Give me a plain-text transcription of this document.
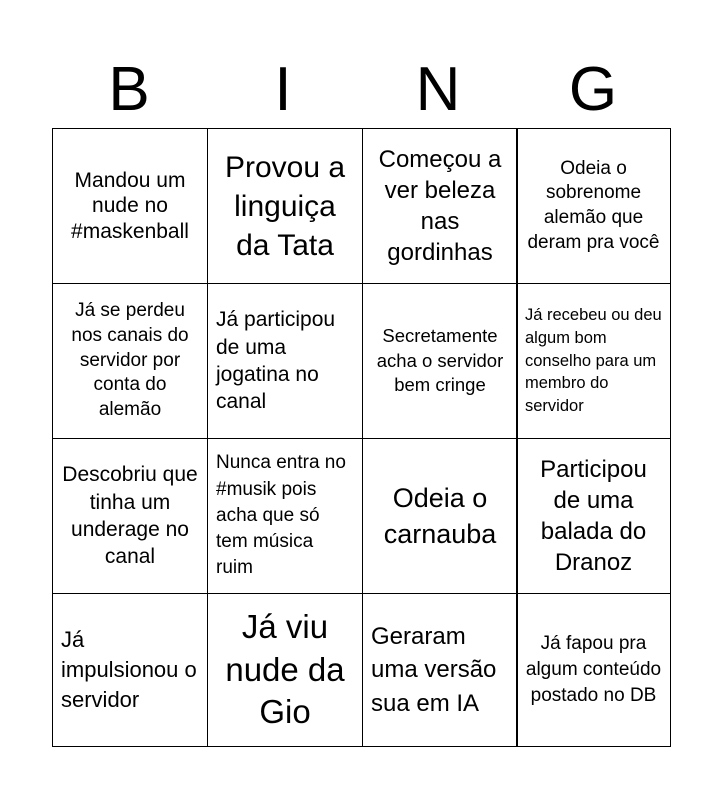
B	I	N	G
Mandou um nude no #maskenball
Provou a linguiça da Tata
Começou a ver beleza nas gordinhas
Odeia o sobrenome alemão que deram pra você
Já se perdeu nos canais do servidor por conta do alemão
Já participou de uma jogatina no canal
Secretamente acha o servidor bem cringe
Já recebeu ou deu algum bom conselho para um membro do servidor
Descobriu que tinha um underage no canal
Nunca entra no #musik pois acha que só tem música ruim
Odeia o carnauba
Participou de uma balada do Dranoz
Já impulsionou o servidor
Já viu nude da Gio
Geraram uma versão sua em IA
Já fapou pra algum conteúdo postado no DB
